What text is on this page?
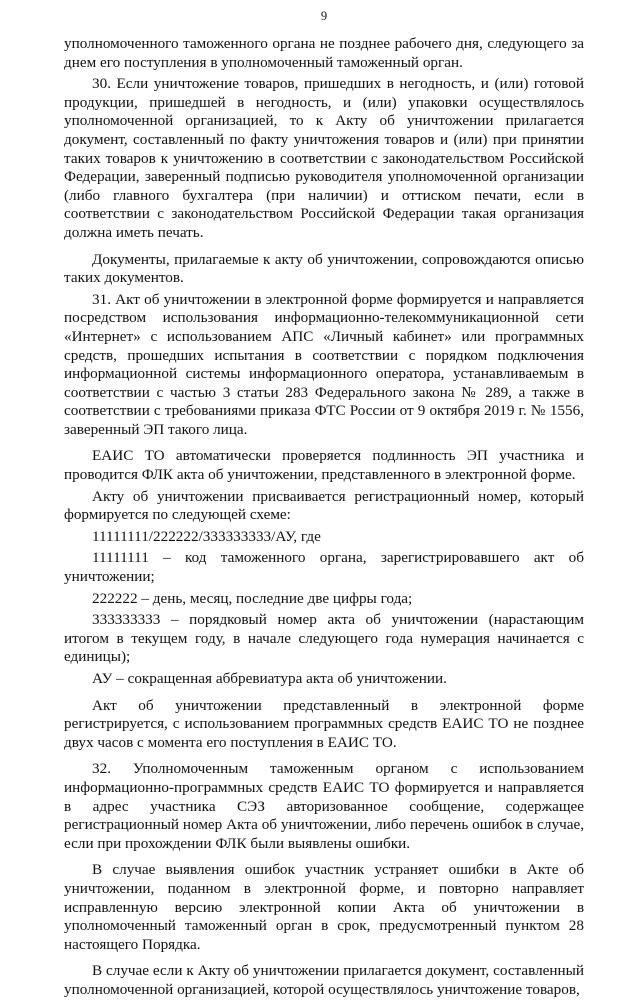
9

уполномоченного таможенного органа не позднее рабочего дня, следующего за днем его поступления в уполномоченный таможенный орган.

30. Если уничтожение товаров, пришедших в негодность, и (или) готовой продукции, пришедшей в негодность, и (или) упаковки осуществлялось уполномоченной организацией, то к Акту об уничтожении прилагается документ, составленный по факту уничтожения товаров и (или) при принятии таких товаров к уничтожению в соответствии с законодательством Российской Федерации, заверенный подписью руководителя уполномоченной организации (либо главного бухгалтера (при наличии) и оттиском печати, если в соответствии с законодательством Российской Федерации такая организация должна иметь печать.

Документы, прилагаемые к акту об уничтожении, сопровождаются описью таких документов.

31. Акт об уничтожении в электронной форме формируется и направляется посредством использования информационно-телекоммуникационной сети «Интернет» с использованием АПС «Личный кабинет» или программных средств, прошедших испытания в соответствии с порядком подключения информационной системы информационного оператора, устанавливаемым в соответствии с частью 3 статьи 283 Федерального закона № 289, а также в соответствии с требованиями приказа ФТС России от 9 октября 2019 г. № 1556, заверенный ЭП такого лица.

ЕАИС ТО автоматически проверяется подлинность ЭП участника и проводится ФЛК акта об уничтожении, представленного в электронной форме.

Акту об уничтожении присваивается регистрационный номер, который формируется по следующей схеме:

11111111/222222/333333333/АУ, где

11111111 – код таможенного органа, зарегистрировавшего акт об уничтожении;

222222 – день, месяц, последние две цифры года;

333333333 – порядковый номер акта об уничтожении (нарастающим итогом в текущем году, в начале следующего года нумерация начинается с единицы);

АУ – сокращенная аббревиатура акта об уничтожении.

Акт об уничтожении представленный в электронной форме регистрируется, с использованием программных средств ЕАИС ТО не позднее двух часов с момента его поступления в ЕАИС ТО.

32. Уполномоченным таможенным органом с использованием информационно-программных средств ЕАИС ТО формируется и направляется в адрес участника СЭЗ авторизованное сообщение, содержащее регистрационный номер Акта об уничтожении, либо перечень ошибок в случае, если при прохождении ФЛК были выявлены ошибки.

В случае выявления ошибок участник устраняет ошибки в Акте об уничтожении, поданном в электронной форме, и повторно направляет исправленную версию электронной копии Акта об уничтожении в уполномоченный таможенный орган в срок, предусмотренный пунктом 28 настоящего Порядка.

В случае если к Акту об уничтожении прилагается документ, составленный уполномоченной организацией, которой осуществлялось уничтожение товаров,
